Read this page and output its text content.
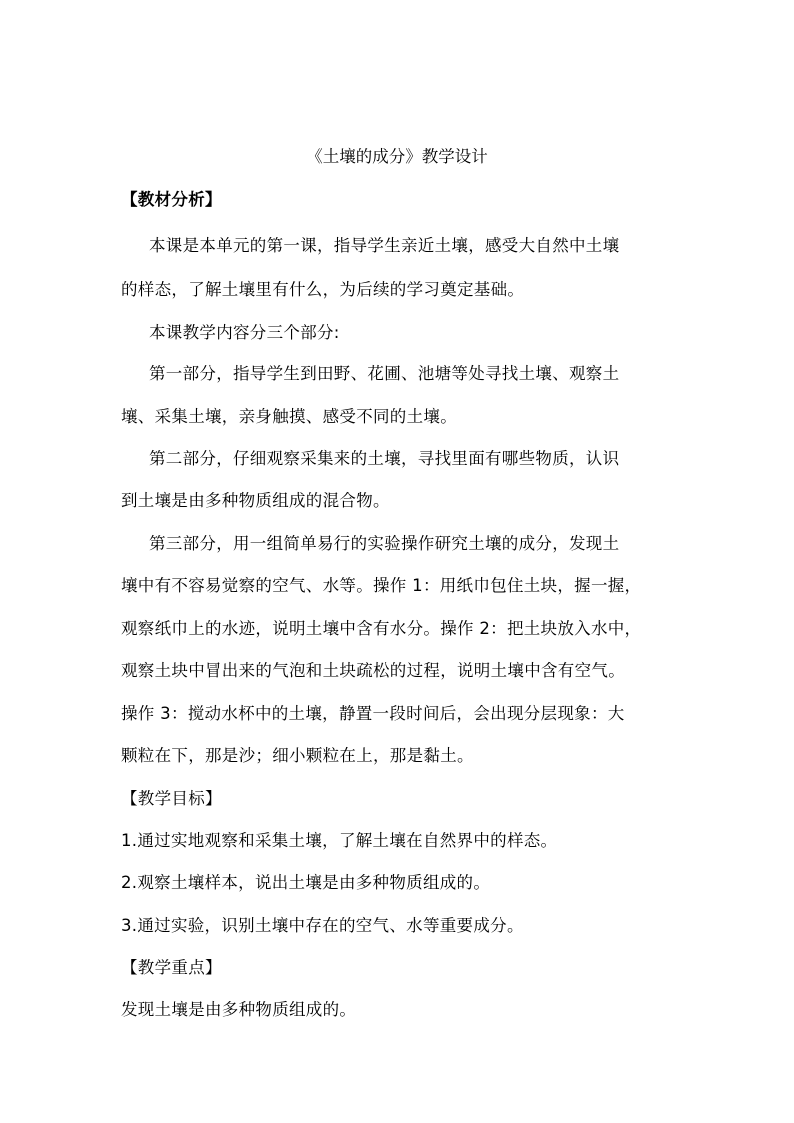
《土壤的成分》教学设计
【教材分析】
本课是本单元的第一课，指导学生亲近土壤，感受大自然中土壤
的样态，了解土壤里有什么，为后续的学习奠定基础。
本课教学内容分三个部分:
第一部分，指导学生到田野、花圃、池塘等处寻找土壤、观察土
壤、采集土壤，亲身触摸、感受不同的土壤。
第二部分，仔细观察采集来的土壤，寻找里面有哪些物质，认识
到土壤是由多种物质组成的混合物。
第三部分，用一组简单易行的实验操作研究土壤的成分，发现土
壤中有不容易觉察的空气、水等。操作 1：用纸巾包住土块，握一握，
观察纸巾上的水迹，说明土壤中含有水分。操作 2：把土块放入水中，
观察土块中冒出来的气泡和土块疏松的过程，说明土壤中含有空气。
操作 3：搅动水杯中的土壤，静置一段时间后，会出现分层现象：大
颗粒在下，那是沙；细小颗粒在上，那是黏土。
【教学目标】
1.通过实地观察和采集土壤，了解土壤在自然界中的样态。
2.观察土壤样本，说出土壤是由多种物质组成的。
3.通过实验，识别土壤中存在的空气、水等重要成分。
【教学重点】
发现土壤是由多种物质组成的。
